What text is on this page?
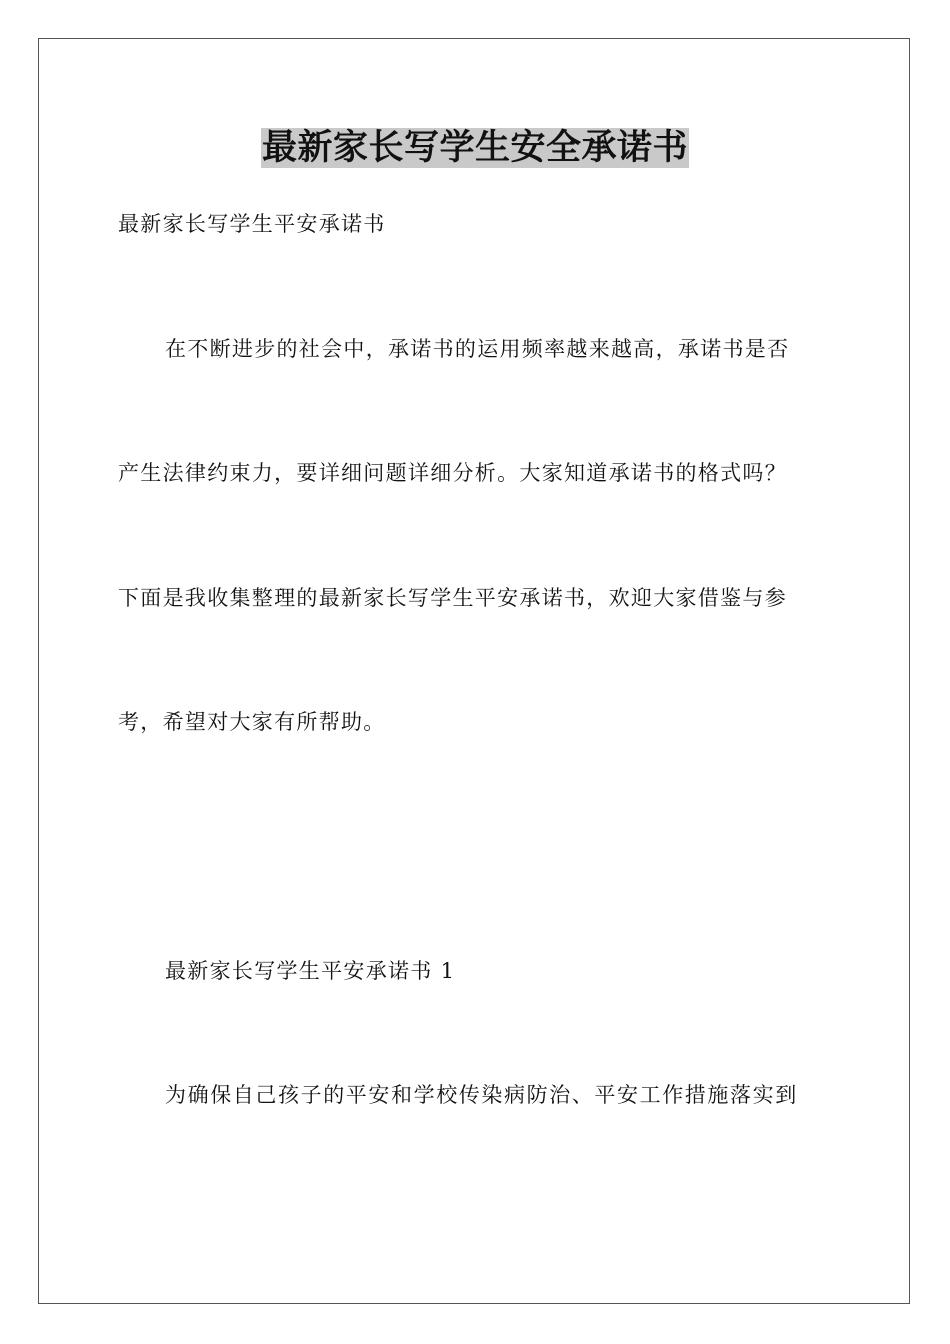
最新家长写学生安全承诺书
最新家长写学生平安承诺书
在不断进步的社会中，承诺书的运用频率越来越高，承诺书是否
产生法律约束力，要详细问题详细分析。大家知道承诺书的格式吗？
下面是我收集整理的最新家长写学生平安承诺书，欢迎大家借鉴与参
考，希望对大家有所帮助。
最新家长写学生平安承诺书 1
为确保自己孩子的平安和学校传染病防治、平安工作措施落实到
